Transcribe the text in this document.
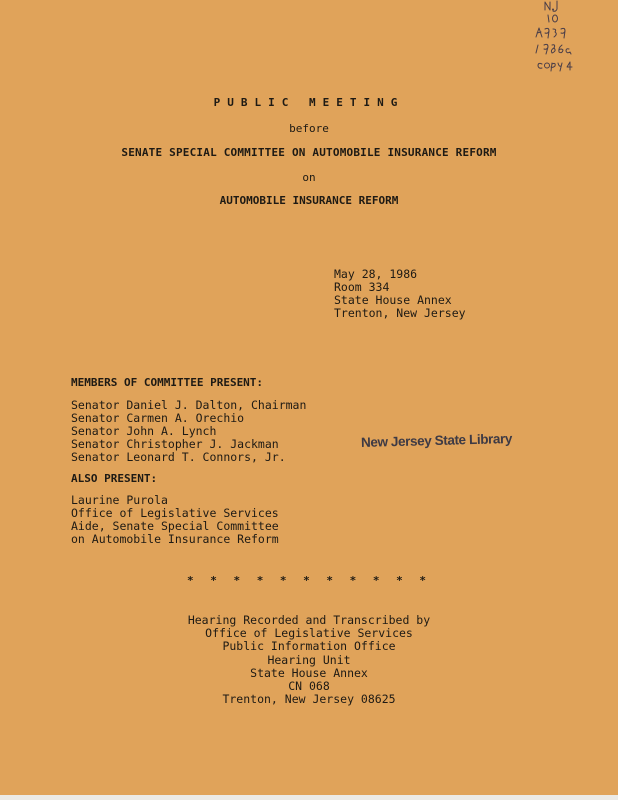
PUBLIC MEETING
before
SENATE SPECIAL COMMITTEE ON AUTOMOBILE INSURANCE REFORM
on
AUTOMOBILE INSURANCE REFORM
May 28, 1986
Room 334
State House Annex
Trenton, New Jersey
MEMBERS OF COMMITTEE PRESENT:
Senator Daniel J. Dalton, Chairman
Senator Carmen A. Orechio
Senator John A. Lynch
Senator Christopher J. Jackman
Senator Leonard T. Connors, Jr.
New Jersey State Library
ALSO PRESENT:
Laurine Purola
Office of Legislative Services
Aide, Senate Special Committee
on Automobile Insurance Reform
* * * * * * * * * * *
Hearing Recorded and Transcribed by
Office of Legislative Services
Public Information Office
Hearing Unit
State House Annex
CN 068
Trenton, New Jersey 08625
